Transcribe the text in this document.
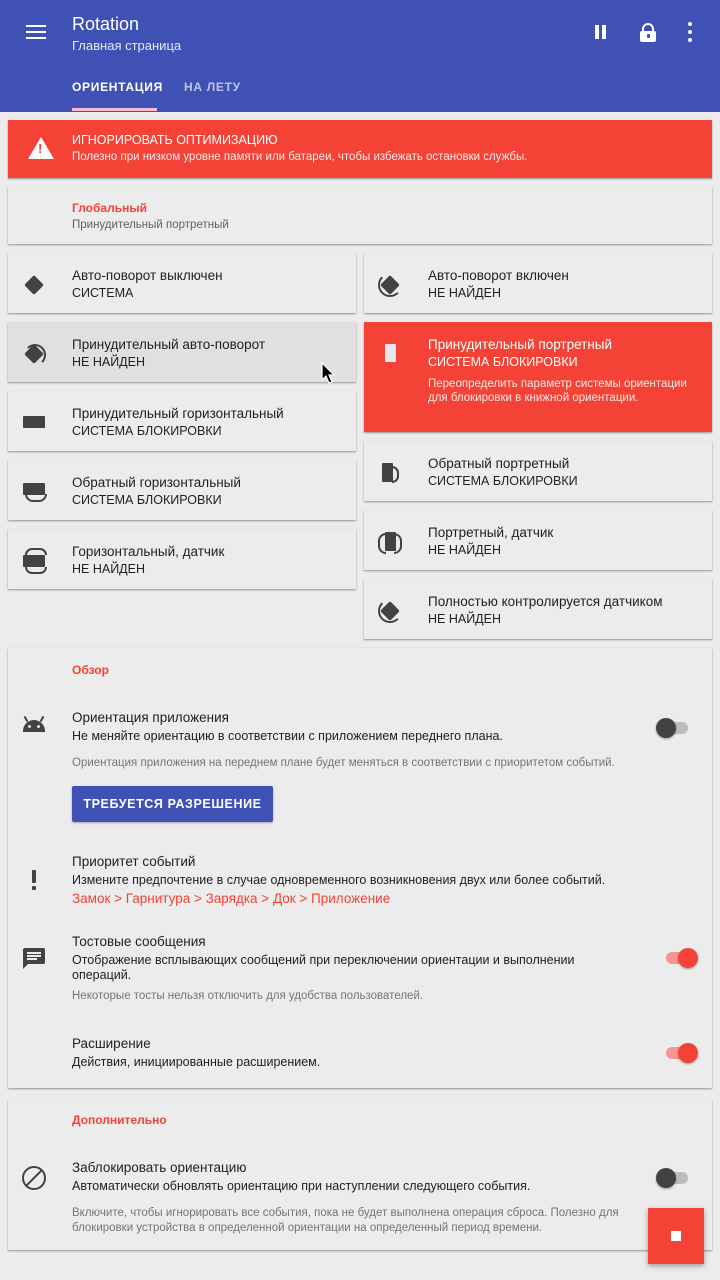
Rotation
Главная страница
ОРИЕНТАЦИЯ НА ЛЕТУ
!
ИГНОРИРОВАТЬ ОПТИМИЗАЦИЮ
Полезно при низком уровне памяти или батареи, чтобы избежать остановки службы.
Глобальный
Принудительный портретный
Авто-поворот выключен
СИСТЕМА
Принудительный авто-поворот
НЕ НАЙДЕН
Принудительный горизонтальный
СИСТЕМА БЛОКИРОВКИ
Обратный горизонтальный
СИСТЕМА БЛОКИРОВКИ
Горизонтальный, датчик
НЕ НАЙДЕН
Авто-поворот включен
НЕ НАЙДЕН
Принудительный портретный
СИСТЕМА БЛОКИРОВКИ
Переопределить параметр системы ориентации для блокировки в книжной ориентации.
Обратный портретный
СИСТЕМА БЛОКИРОВКИ
Портретный, датчик
НЕ НАЙДЕН
Полностью контролируется датчиком
НЕ НАЙДЕН
Обзор
Ориентация приложения
Не меняйте ориентацию в соответствии с приложением переднего плана.
Ориентация приложения на переднем плане будет меняться в соответствии с приоритетом событий.
ТРЕБУЕТСЯ РАЗРЕШЕНИЕ
Приоритет событий
Измените предпочтение в случае одновременного возникновения двух или более событий.
Замок > Гарнитура > Зарядка > Док > Приложение
Тостовые сообщения
Отображение всплывающих сообщений при переключении ориентации и выполнении операций.
Некоторые тосты нельзя отключить для удобства пользователей.
Расширение
Действия, инициированные расширением.
Дополнительно
Заблокировать ориентацию
Автоматически обновлять ориентацию при наступлении следующего события.
Включите, чтобы игнорировать все события, пока не будет выполнена операция сброса. Полезно для блокировки устройства в определенной ориентации на определенный период времени.
